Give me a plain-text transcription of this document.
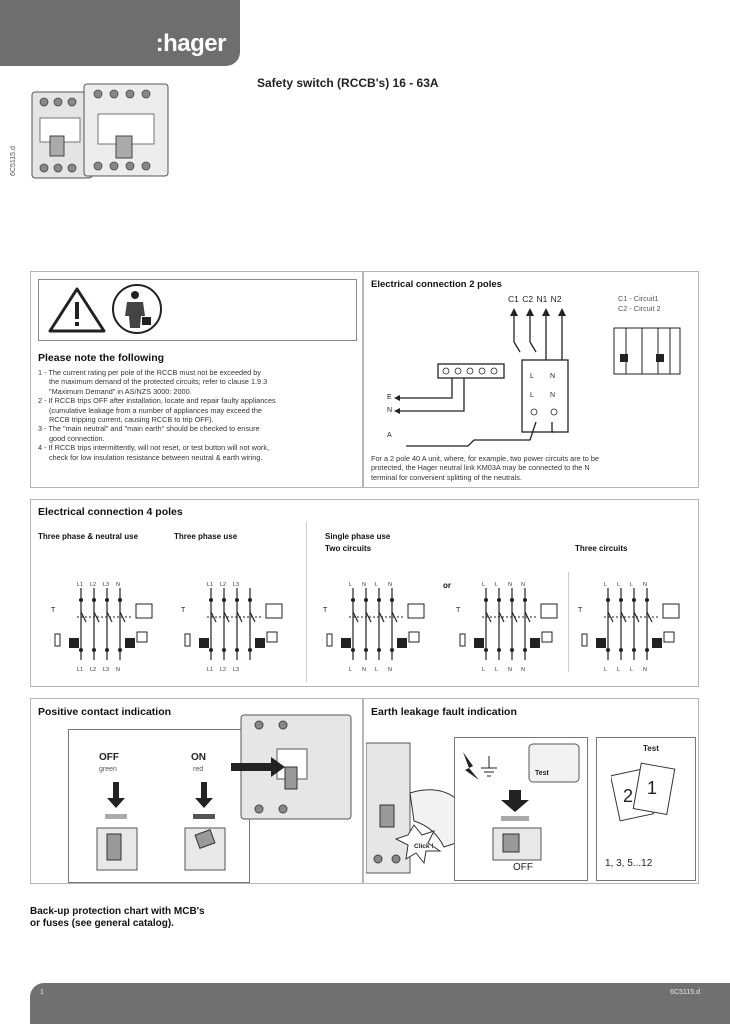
:hager
Safety switch (RCCB's) 16 - 63A
6C5115.d
Please note the following
1 - The current rating per pole of the RCCB must not be exceeded by
the maximum demand of the protected circuits; refer to clause 1.9.3
"Maximum Demand" in AS/NZS 3000: 2000.
2 - If RCCB trips OFF after installation, locate and repair faulty appliances
(cumulative leakage from a number of appliances may exceed the
RCCB tripping current, causing RCCB to trip OFF).
3 - The "main neutral" and "main earth" should be checked to ensure
good connection.
4 - If RCCB trips intermittently, will not reset, or test button will not work,
check for low insulation resistance between neutral & earth wiring.
Electrical connection 2 poles
C1 C2 N1 N2	C1 - Circuit1
C2 - Circuit 2
E
N
A
L N
L N
For a 2 pole 40 A unit, where, for example, two power circuits are to be
protected, the Hager neutral link KM03A may be connected to the N
terminal for convenient splitting of the neutrals.
Electrical connection 4 poles
Three phase & neutral use	Three phase use	Single phase use
Two circuits	Three circuits
or
L1
L1
L2
L2
L3
L3
N
N
T
L1
L1
L2
L2
L3
L3
T
L
L
N
N
L
L
N
N
T
L
L
L
L
N
N
N
N
T
L
L
L
L
L
L
N
N
T
Positive contact indication
OFF
green
ON
red
Earth leakage fault indication
Click !
Test
OFF
Test
2 1
1, 3, 5...12
Back-up protection chart with MCB's
or fuses (see general catalog).
1	6C5115.d
